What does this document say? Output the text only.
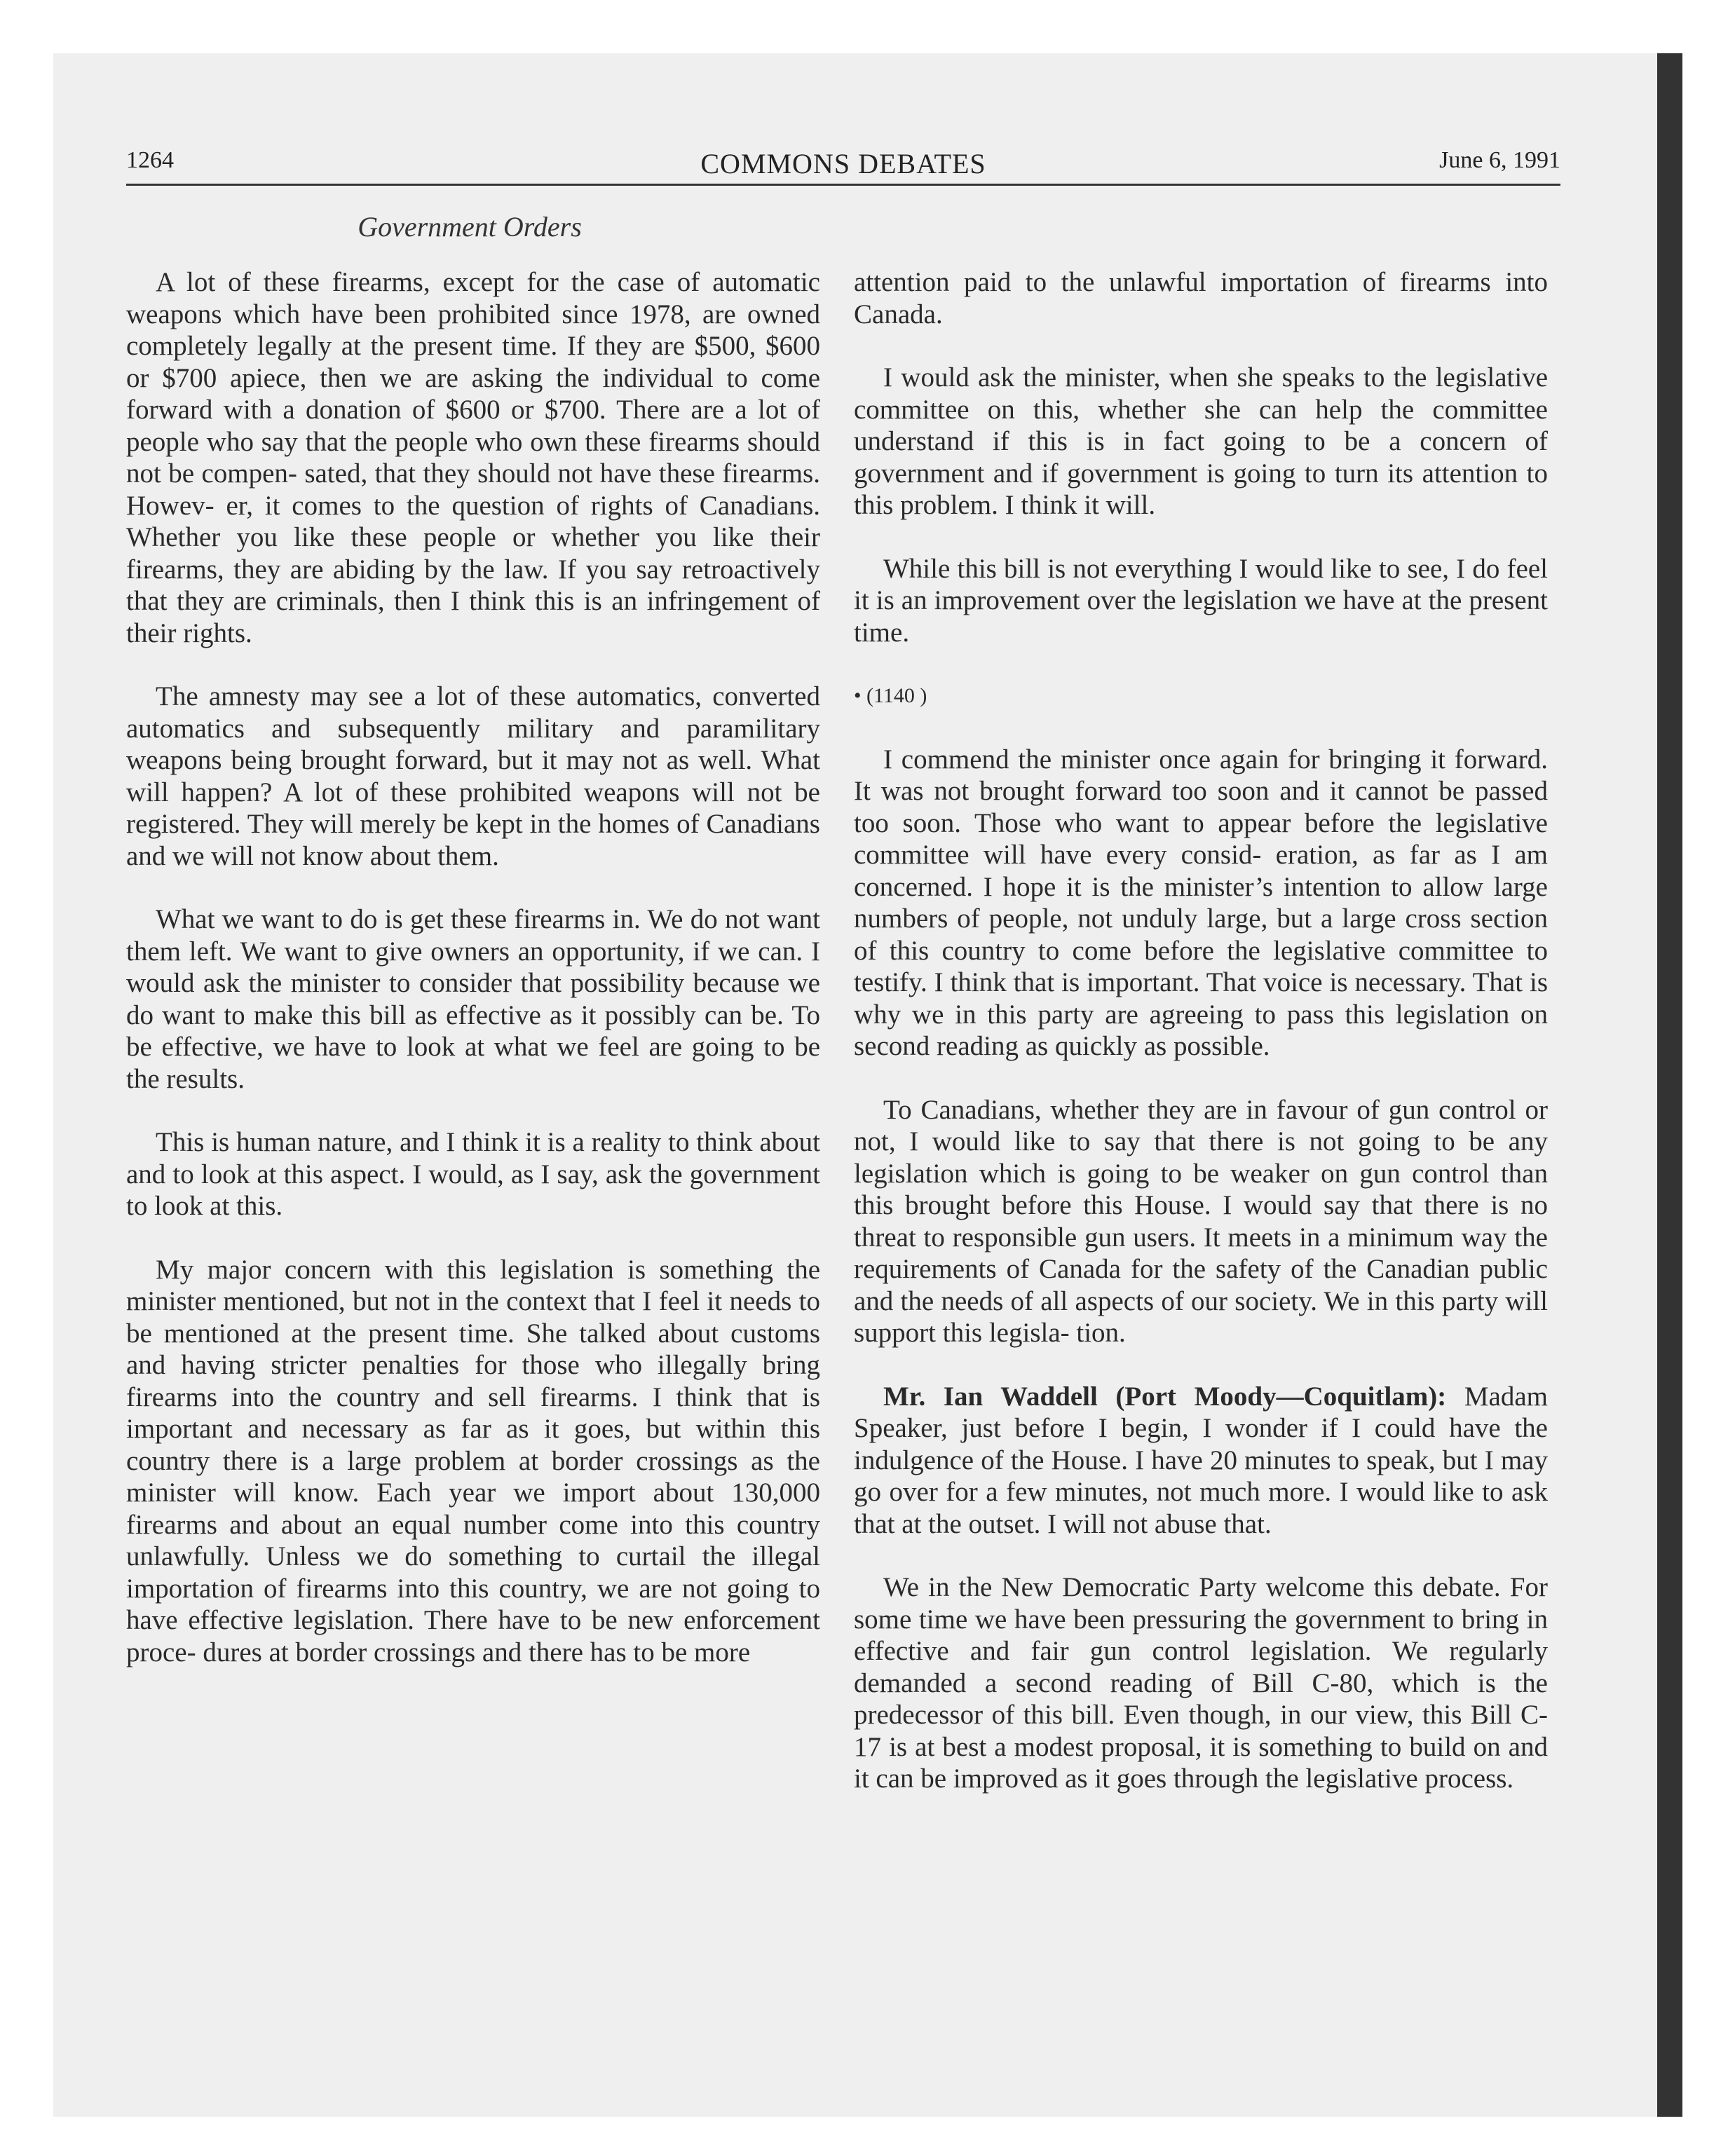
1264	COMMONS DEBATES	June 6, 1991
Government Orders

A lot of these firearms, except for the case of automatic weapons which have been prohibited since 1978, are owned completely legally at the present time. If they are $500, $600 or $700 apiece, then we are asking the individual to come forward with a donation of $600 or $700. There are a lot of people who say that the people who own these firearms should not be compen- sated, that they should not have these firearms. Howev- er, it comes to the question of rights of Canadians. Whether you like these people or whether you like their firearms, they are abiding by the law. If you say retroactively that they are criminals, then I think this is an infringement of their rights.

The amnesty may see a lot of these automatics, converted automatics and subsequently military and paramilitary weapons being brought forward, but it may not as well. What will happen? A lot of these prohibited weapons will not be registered. They will merely be kept in the homes of Canadians and we will not know about them.

What we want to do is get these firearms in. We do not want them left. We want to give owners an opportunity, if we can. I would ask the minister to consider that possibility because we do want to make this bill as effective as it possibly can be. To be effective, we have to look at what we feel are going to be the results.

This is human nature, and I think it is a reality to think about and to look at this aspect. I would, as I say, ask the government to look at this.

My major concern with this legislation is something the minister mentioned, but not in the context that I feel it needs to be mentioned at the present time. She talked about customs and having stricter penalties for those who illegally bring firearms into the country and sell firearms. I think that is important and necessary as far as it goes, but within this country there is a large problem at border crossings as the minister will know. Each year we import about 130,000 firearms and about an equal number come into this country unlawfully. Unless we do something to curtail the illegal importation of firearms into this country, we are not going to have effective legislation. There have to be new enforcement proce- dures at border crossings and there has to be more

attention paid to the unlawful importation of firearms into Canada.

I would ask the minister, when she speaks to the legislative committee on this, whether she can help the committee understand if this is in fact going to be a concern of government and if government is going to turn its attention to this problem. I think it will.

While this bill is not everything I would like to see, I do feel it is an improvement over the legislation we have at the present time.

• (1140 )

I commend the minister once again for bringing it forward. It was not brought forward too soon and it cannot be passed too soon. Those who want to appear before the legislative committee will have every consid- eration, as far as I am concerned. I hope it is the minister’s intention to allow large numbers of people, not unduly large, but a large cross section of this country to come before the legislative committee to testify. I think that is important. That voice is necessary. That is why we in this party are agreeing to pass this legislation on second reading as quickly as possible.

To Canadians, whether they are in favour of gun control or not, I would like to say that there is not going to be any legislation which is going to be weaker on gun control than this brought before this House. I would say that there is no threat to responsible gun users. It meets in a minimum way the requirements of Canada for the safety of the Canadian public and the needs of all aspects of our society. We in this party will support this legisla- tion.

Mr. Ian Waddell (Port Moody—Coquitlam): Madam Speaker, just before I begin, I wonder if I could have the indulgence of the House. I have 20 minutes to speak, but I may go over for a few minutes, not much more. I would like to ask that at the outset. I will not abuse that.

We in the New Democratic Party welcome this debate. For some time we have been pressuring the government to bring in effective and fair gun control legislation. We regularly demanded a second reading of Bill C-80, which is the predecessor of this bill. Even though, in our view, this Bill C-17 is at best a modest proposal, it is something to build on and it can be improved as it goes through the legislative process.
